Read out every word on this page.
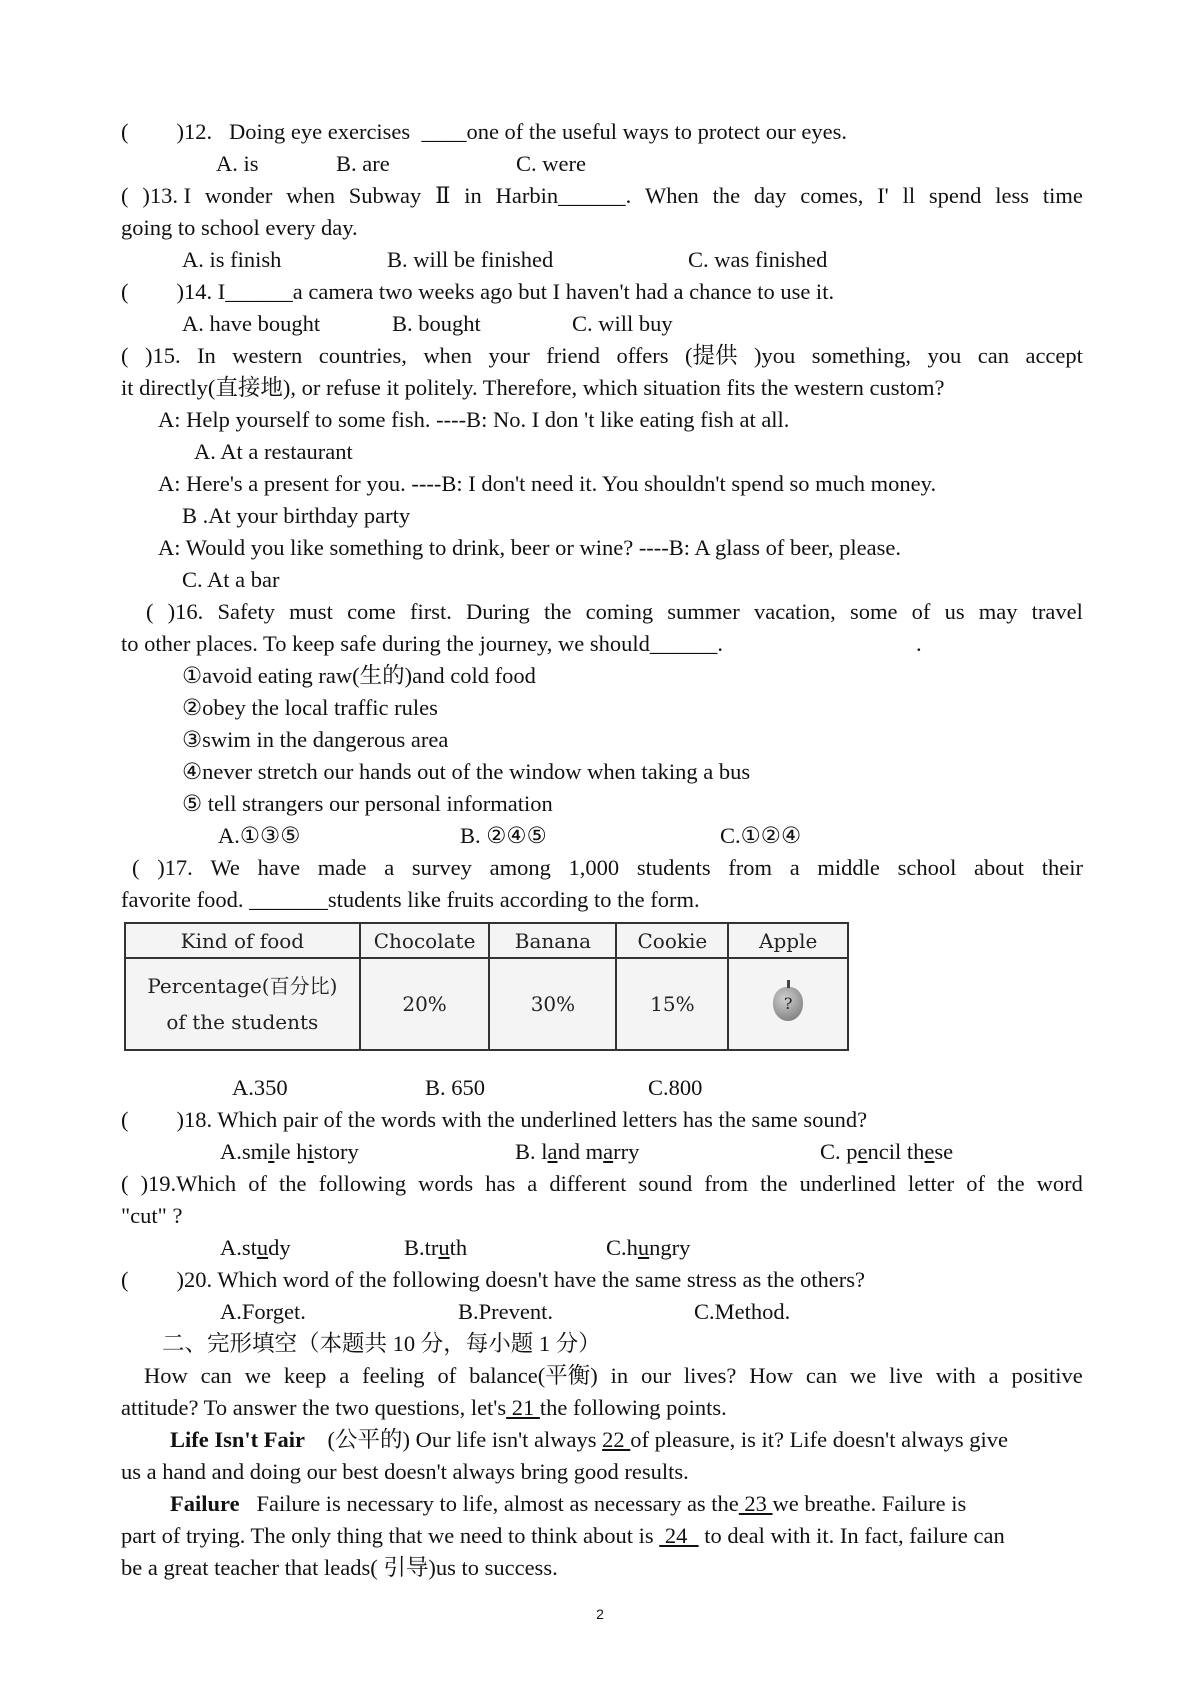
( )12. Doing eye exercises  ____one of the useful ways to protect our eyes.
A. is	B. are	C. were
( )13. I wonder when Subway Ⅱ in Harbin______. When the day comes, I' ll spend less time
going to school every day.
A. is finish	B. will be finished	C. was finished
( )14. I______a camera two weeks ago but I haven't had a chance to use it.
A. have bought	B. bought	C. will buy
( )15. In western countries, when your friend offers (提供 )you something, you can accept
it directly(直接地), or refuse it politely. Therefore, which situation fits the western custom?
A: Help yourself to some fish. ----B: No. I don 't like eating fish at all.
A. At a restaurant
A: Here's a present for you. ----B: I don't need it. You shouldn't spend so much money.
B .At your birthday party
A: Would you like something to drink, beer or wine? ----B: A glass of beer, please.
C. At a bar
( )16. Safety must come first. During the coming summer vacation, some of us may travel
to other places. To keep safe during the journey, we should______.	.
①avoid eating raw(生的)and cold food
②obey the local traffic rules
③swim in the dangerous area
④never stretch our hands out of the window when taking a bus
⑤ tell strangers our personal information
A.①③⑤	B. ②④⑤	C.①②④
( )17. We have made a survey among 1,000 students from a middle school about their
favorite food. _______students like fruits according to the form.
Kind of food	Chocolate	Banana	Cookie	Apple

Percentage(百分比)
of the students	20%	30%	15%	?
A.350	B. 650	C.800
( )18. Which pair of the words with the underlined letters has the same sound?
A.smile history	B. land marry	C. pencil these
( )19.Which of the following words has a different sound from the underlined letter of the word
"cut" ?
A.study	B.truth	C.hungry
( )20. Which word of the following doesn't have the same stress as the others?
A.Forget.	B.Prevent.	C.Method.
二、完形填空（本题共 10 分，每小题 1 分）
How can we keep a feeling of balance(平衡) in our lives? How can we live with a positive
attitude? To answer the two questions, let's 21 the following points.
Life Isn't Fair    (公平的) Our life isn't always 22 of pleasure, is it? Life doesn't always give
us a hand and doing our best doesn't always bring good results.
Failure   Failure is necessary to life, almost as necessary as the 23 we breathe. Failure is
part of trying. The only thing that we need to think about is  24   to deal with it. In fact, failure can
be a great teacher that leads( 引导)us to success.
2
